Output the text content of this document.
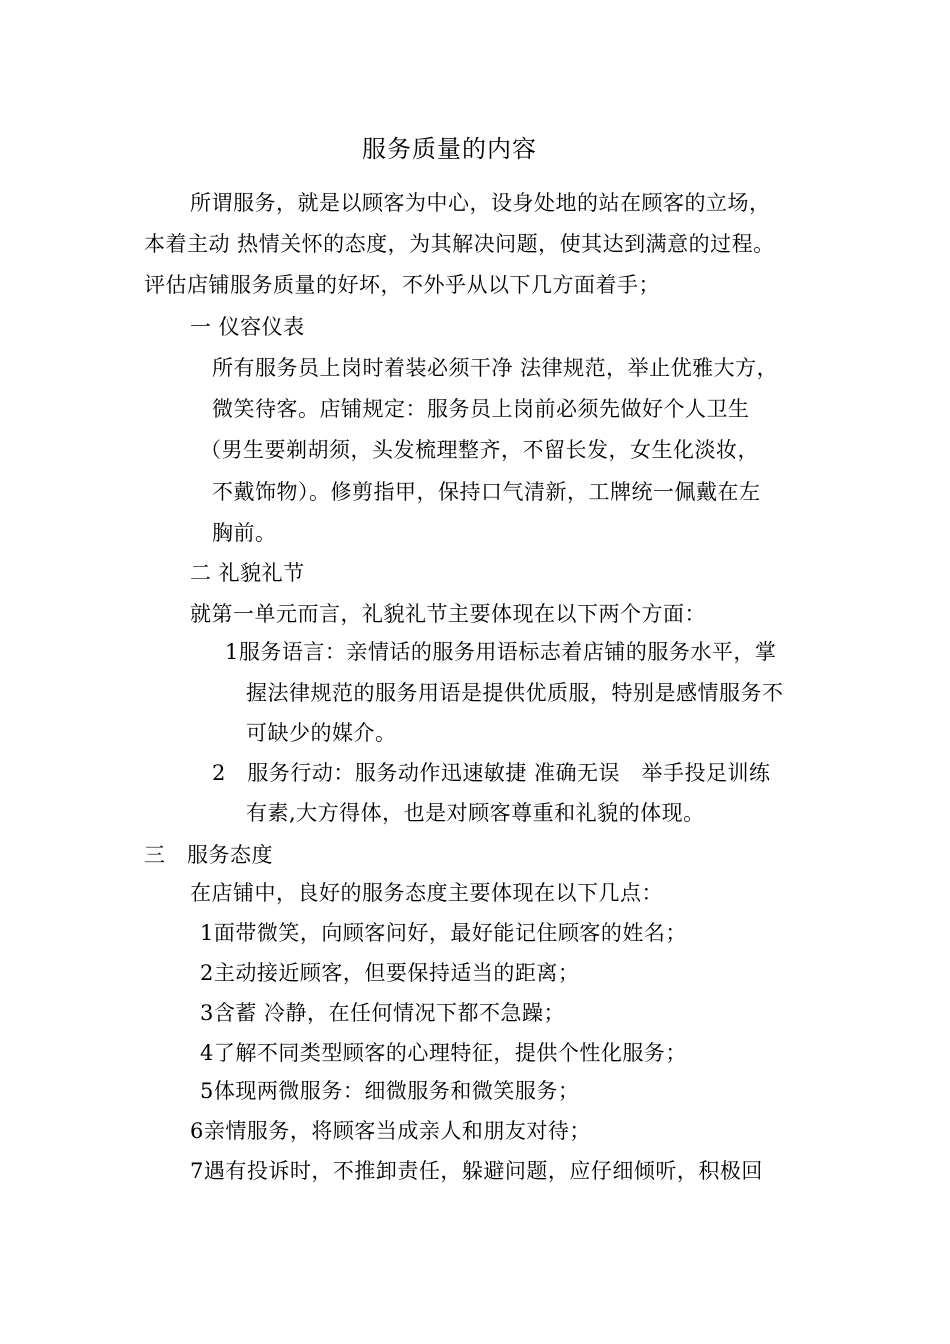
服务质量的内容
所谓服务，就是以顾客为中心，设身处地的站在顾客的立场，
本着主动 热情关怀的态度，为其解决问题，使其达到满意的过程。
评估店铺服务质量的好坏，不外乎从以下几方面着手；
一 仪容仪表
所有服务员上岗时着装必须干净 法律规范，举止优雅大方，
微笑待客。店铺规定：服务员上岗前必须先做好个人卫生
（男生要剃胡须，头发梳理整齐，不留长发，女生化淡妆，
不戴饰物）。修剪指甲，保持口气清新，工牌统一佩戴在左
胸前。
二 礼貌礼节
就第一单元而言，礼貌礼节主要体现在以下两个方面：
1服务语言：亲情话的服务用语标志着店铺的服务水平，掌
握法律规范的服务用语是提供优质服，特别是感情服务不
可缺少的媒介。
2　服务行动：服务动作迅速敏捷 准确无误　举手投足训练
有素,大方得体，也是对顾客尊重和礼貌的体现。
三　服务态度
在店铺中，良好的服务态度主要体现在以下几点：
1面带微笑，向顾客问好，最好能记住顾客的姓名；
2主动接近顾客，但要保持适当的距离；
3含蓄 冷静，在任何情况下都不急躁；
4了解不同类型顾客的心理特征，提供个性化服务；
5体现两微服务：细微服务和微笑服务；
6亲情服务，将顾客当成亲人和朋友对待；
7遇有投诉时，不推卸责任，躲避问题，应仔细倾听，积极回
